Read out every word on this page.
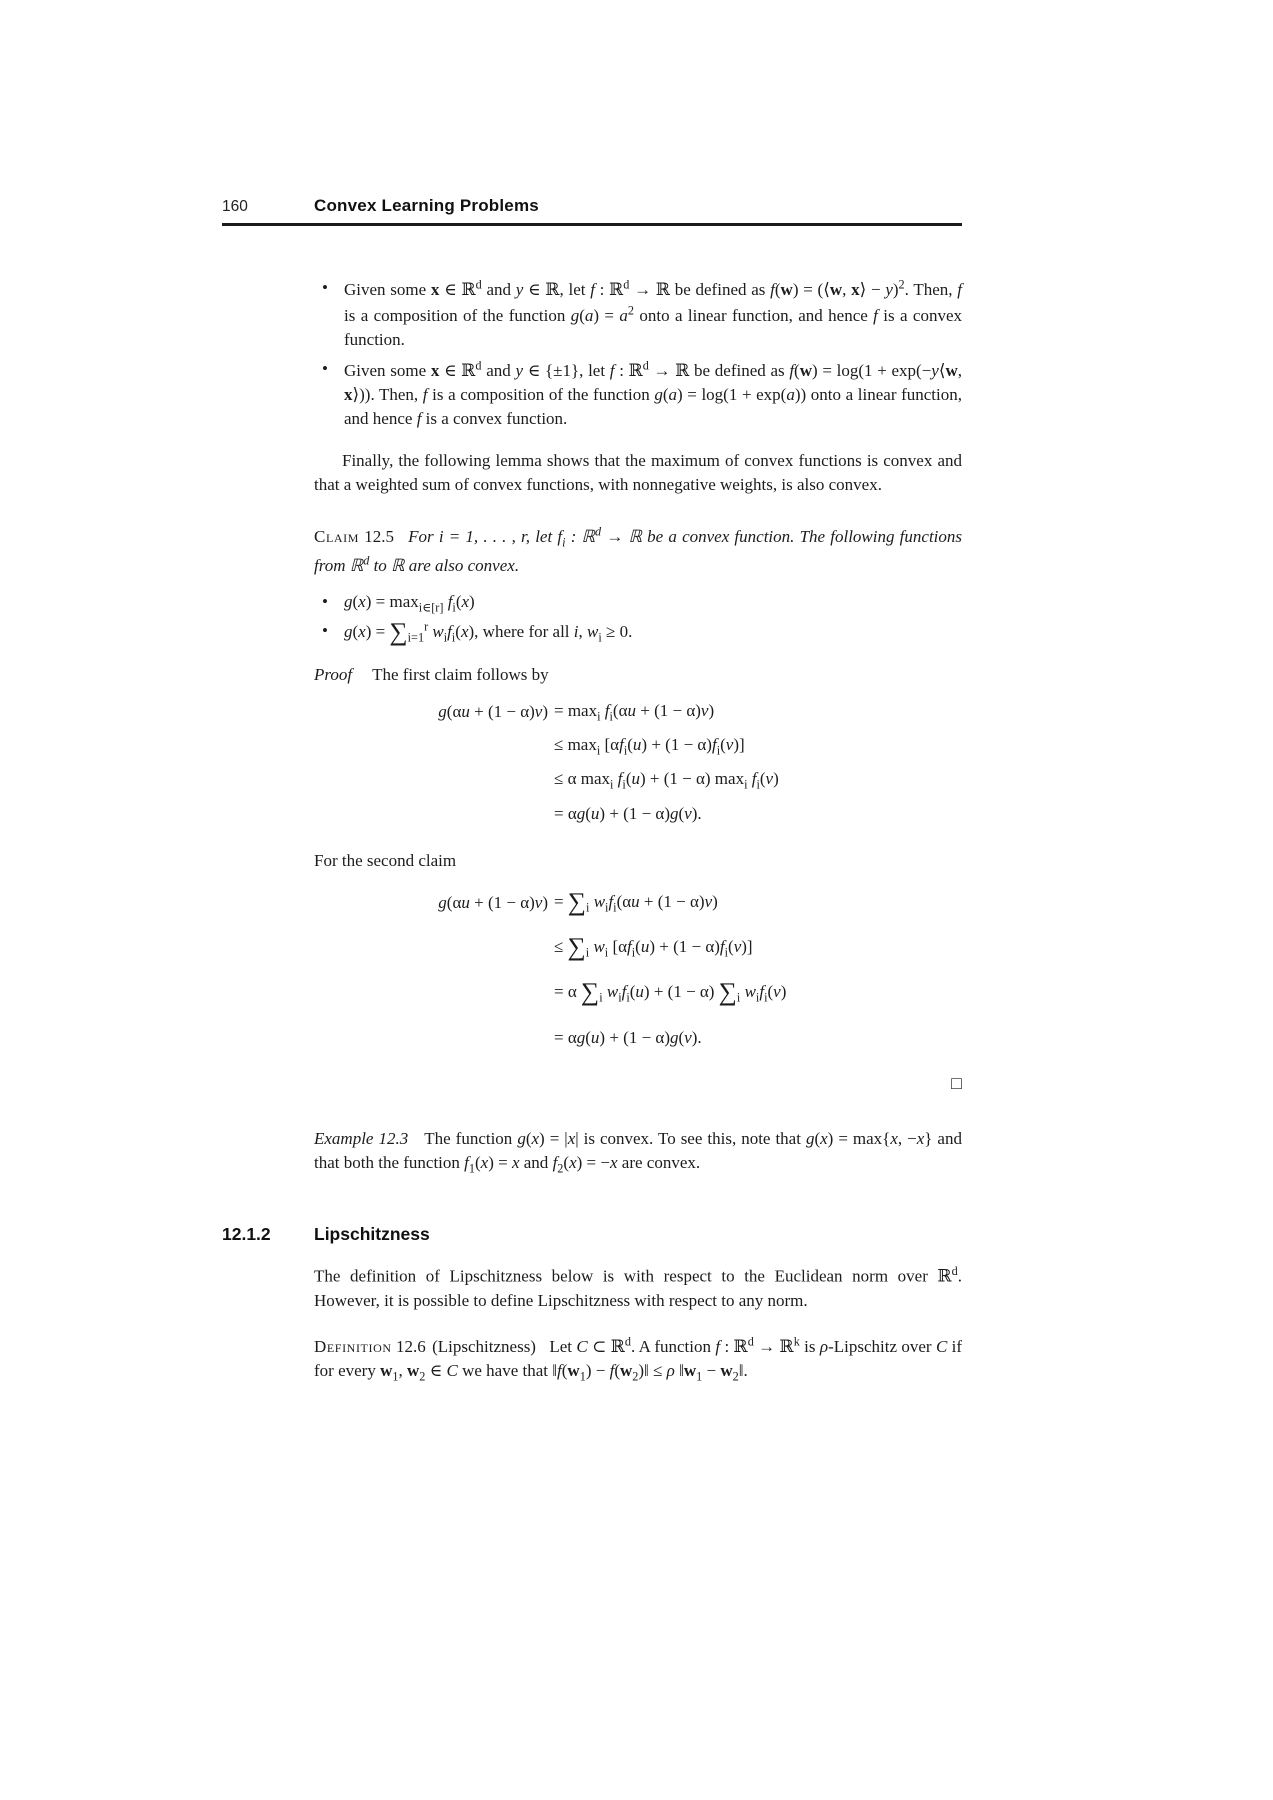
160	Convex Learning Problems
• Given some x ∈ ℝ$^d$ and y ∈ ℝ, let f : ℝ$^d$ → ℝ be defined as f(w) = (⟨w, x⟩ − y)$^2$. Then, f is a composition of the function $g(a) = a^2$ onto a linear function, and hence f is a convex function.
• Given some x ∈ ℝ$^d$ and y ∈ {±1}, let f : ℝ$^d$ → ℝ be defined as f(w) = log(1 + exp(−y⟨w, x⟩)). Then, f is a composition of the function g(a) = log(1 + exp(a)) onto a linear function, and hence f is a convex function.

Finally, the following lemma shows that the maximum of convex functions is convex and that a weighted sum of convex functions, with nonnegative weights, is also convex.

Claim 12.5 For i = 1, . . . , r, let $f_i$ : ℝ$^d$ → ℝ be a convex function. The following functions from ℝ$^d$ to ℝ are also convex.

• $g(x) = \max_{i\in[r]} f_i(x)$
• $g(x) = \sum_{i=1}^r$ $w_if_i(x)$, where for all i, $w_i \ge 0$.

Proof The first claim follows by

$g(\alpha u + (1 - \alpha)v) = \max_i f_i(\alpha u + (1 - \alpha)v)$
≤ $\max_i [\alpha f_i(u) + (1 - \alpha)f_i(v)]$
≤ α $\max_i f_i(u) + (1 - \alpha)$ $\max_i f_i(v)$
= αg(u) + (1 − α)g(v).

For the second claim

$g(\alpha u + (1 - \alpha)v) = \sum_i$ $w_if_i(\alpha u + (1 - \alpha)v)$
≤ $\sum_i$ $w_i$ $[\alpha f_i(u) + (1 - \alpha)f_i(v)]$
= α $\sum_i$ $w_if_i(u) + (1 - \alpha)$ $\sum_i$ $w_if_i(v)$
= αg(u) + (1 − α)g(v).
□

Example 12.3 The function g(x) = |x| is convex. To see this, note that g(x) = max{x, −x} and that both the function $f_1(x) = x$ and $f_2(x) = -x$ are convex.

12.1.2	Lipschitzness

The definition of Lipschitzness below is with respect to the Euclidean norm over ℝ$^d$. However, it is possible to define Lipschitzness with respect to any norm.

Definition 12.6 (Lipschitzness) Let C ⊂ ℝ$^d$. A function f : ℝ$^d$ → ℝ$^k$ is ρ-Lipschitz over C if for every $w_1$, $w_2$ ∈ C we have that $‖f(w_1)$ − $f(w_2)‖ \le \rho$ $‖w_1$ − $w_2‖$.
